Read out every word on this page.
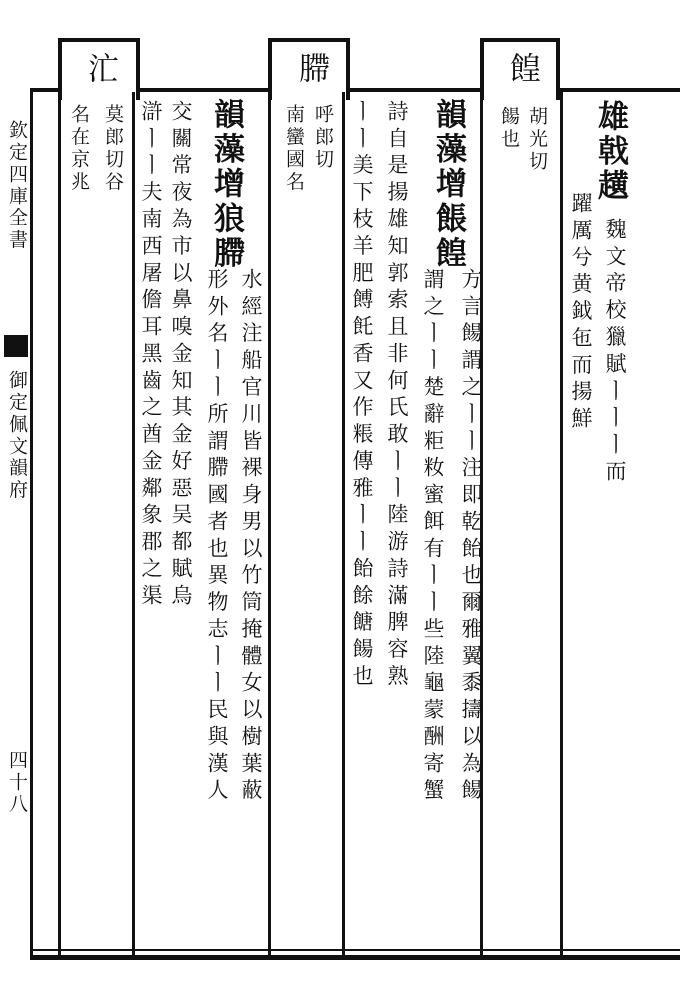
欽定四庫全書
御定佩文韻府
四十八
雄戟趪
魏文帝校獵賦ㅣㅣㅣ而
躍厲兮黄鉞㐌而揚鮮
餭
胡光切
餳也
韻藻增餦餭
方言餳謂之ㅣㅣ注即乾飴也爾雅翼黍擣以為餳
謂之ㅣㅣ楚辭粔籹蜜餌有ㅣㅣ些陸龜蒙酬寄蟹
詩自是揚雄知郭索且非何氏敢ㅣㅣ陸游詩滿脾容熟
ㅣㅣ美下枝羊肥餺飥香又作粻傳雅ㅣㅣ飴餘餹餳也
䐭
呼郎切
南蠻國名
韻藻增狼䐭
水經注船官川皆裸身男以竹筒掩體女以樹葉蔽
形外名ㅣㅣ所謂䐭國者也異物志ㅣㅣ民與漢人
交關常夜為市以鼻嗅金知其金好惡吴都賦烏
滸ㅣㅣ夫南西屠儋耳黑齒之酋金鄰象郡之渠
汒
莫郎切谷
名在京兆
